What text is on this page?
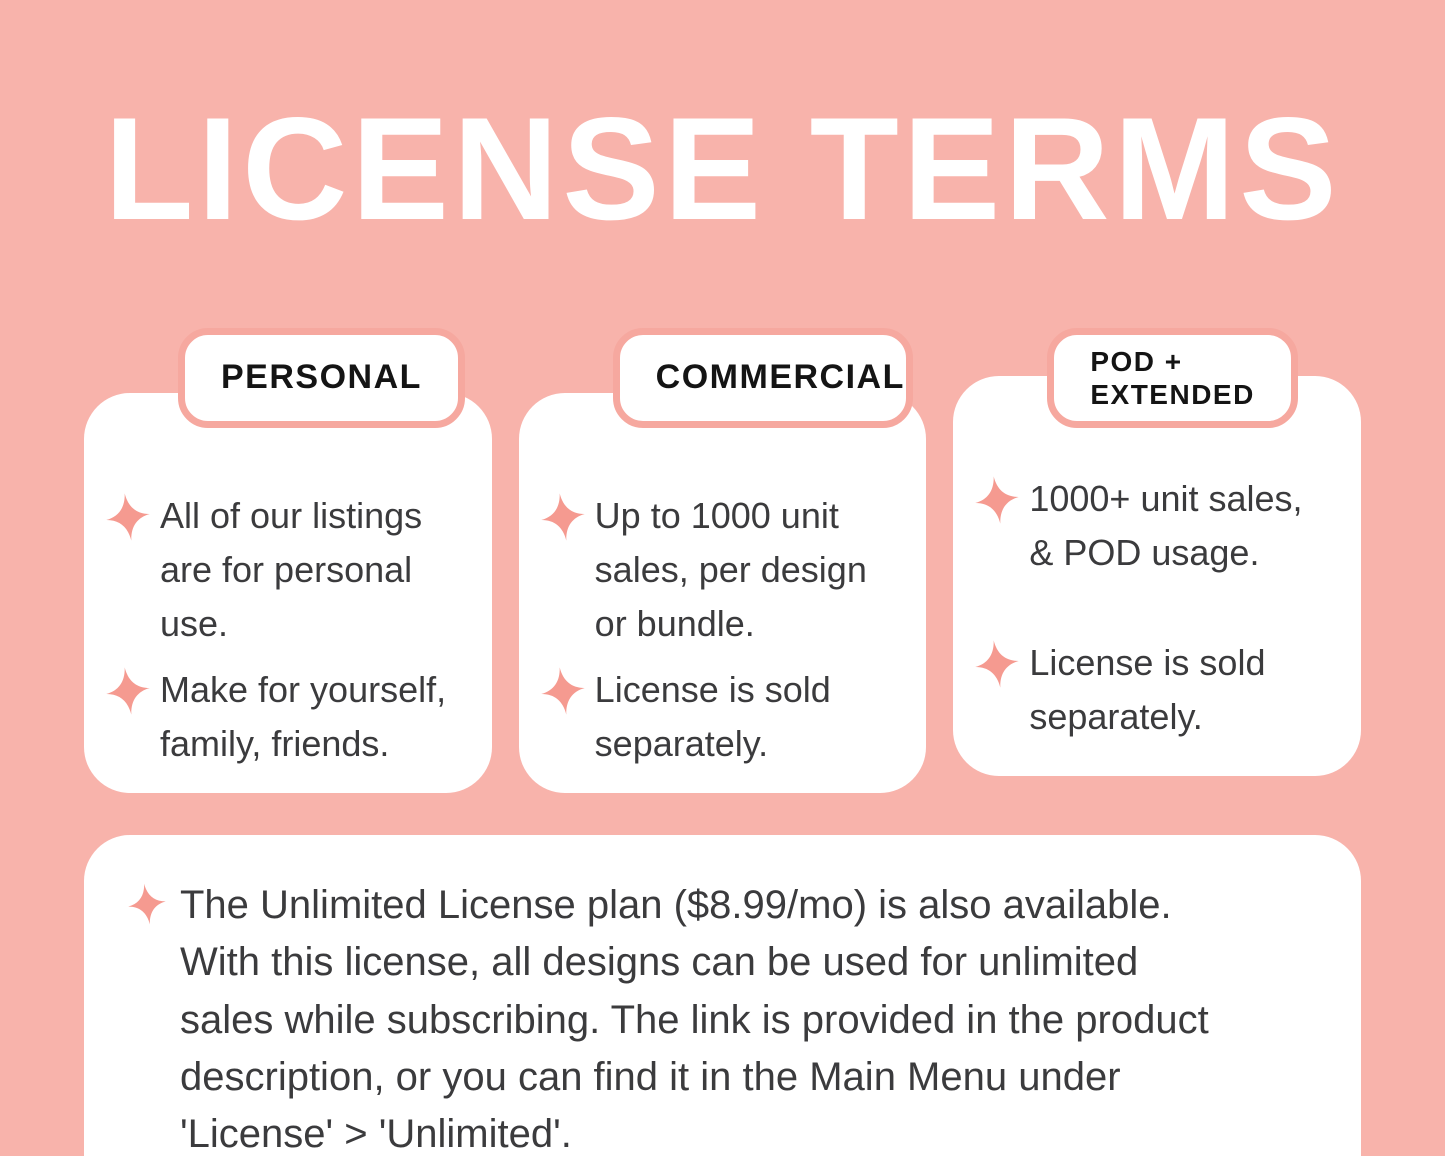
LICENSE TERMS
PERSONAL
All of our listings are for personal use.
Make for yourself, family, friends.
COMMERCIAL
Up to 1000 unit sales, per design or bundle.
License is sold separately.
POD +
EXTENDED
1000+ unit sales, & POD usage.
License is sold separately.
The Unlimited License plan ($8.99/mo) is also available. With this license, all designs can be used for unlimited sales while subscribing. The link is provided in the product description, or you can find it in the Main Menu under 'License' > 'Unlimited'.
